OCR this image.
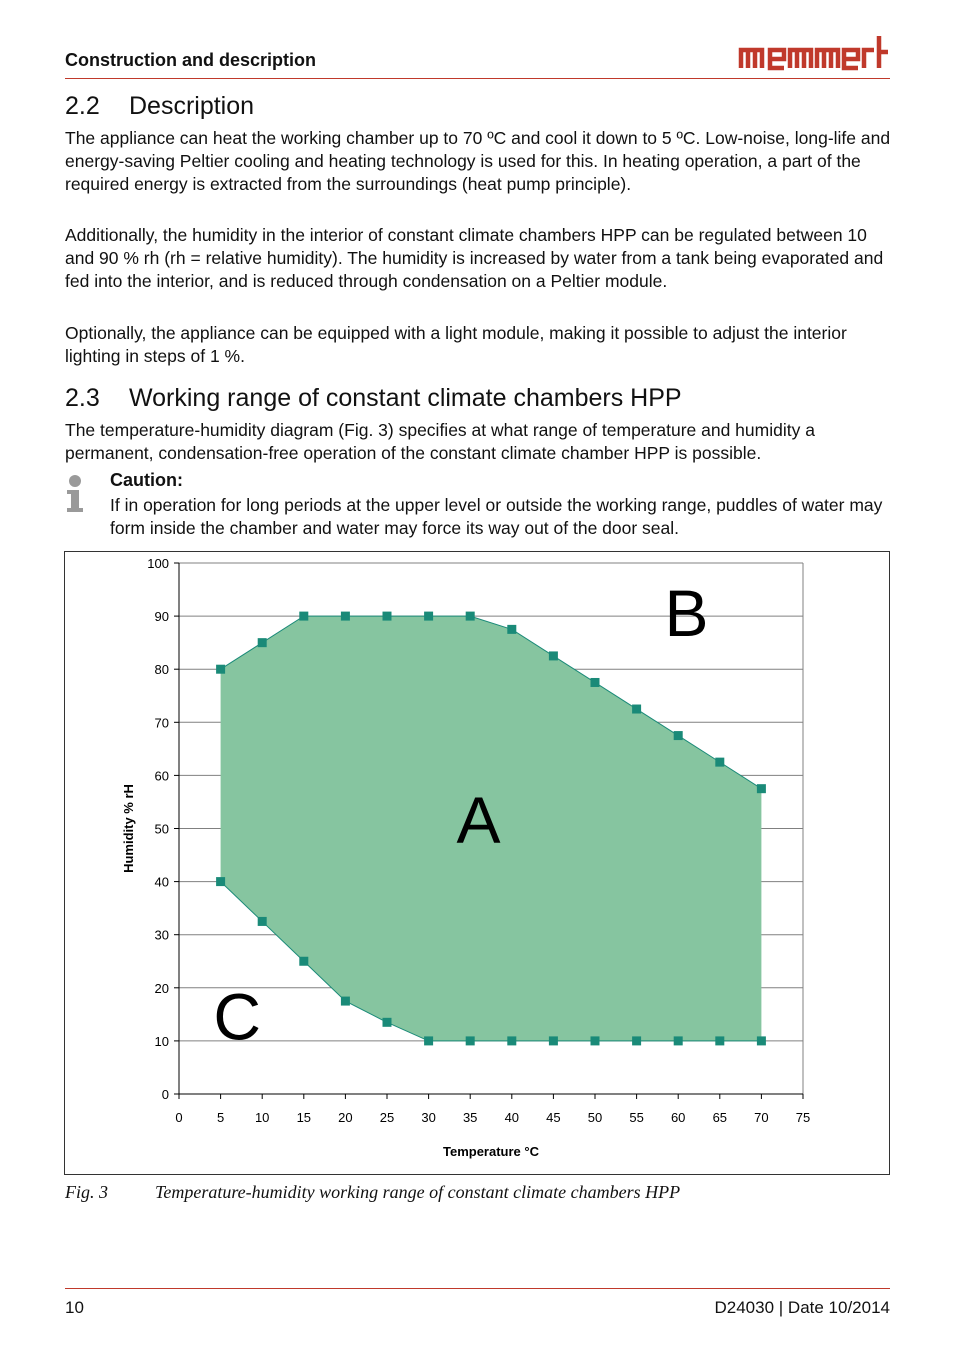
Construction and description
memmert
2.2 Description

The appliance can heat the working chamber up to 70 ºC and cool it down to 5 ºC. Low-noise, long-life and energy-saving Peltier cooling and heating technology is used for this. In heating operation, a part of the required energy is extracted from the surroundings (heat pump principle).

Additionally, the humidity in the interior of constant climate chambers HPP can be regulated between 10 and 90 % rh (rh = relative humidity). The humidity is increased by water from a tank being evaporated and fed into the interior, and is reduced through condensation on a Peltier module.

Optionally, the appliance can be equipped with a light module, making it possible to adjust the interior lighting in steps of 1 %.

2.3 Working range of constant climate chambers HPP

The temperature-humidity diagram (Fig. 3) specifies at what range of temperature and humidity a permanent, condensation-free operation of the constant climate chamber HPP is possible.

Caution:
If in operation for long periods at the upper level or outside the working range, puddles of water may form inside the chamber and water may force its way out of the door seal.
0
10
20
30
40
50
60
70
80
90
100
0	5 10 15 20 25 30 35 40 45 50 55 60 65 70 75
Temperature °C
Humidity % rH	A
B
C
Fig. 3	Temperature-humidity working range of constant climate chambers HPP
10	D24030 | Date 10/2014
